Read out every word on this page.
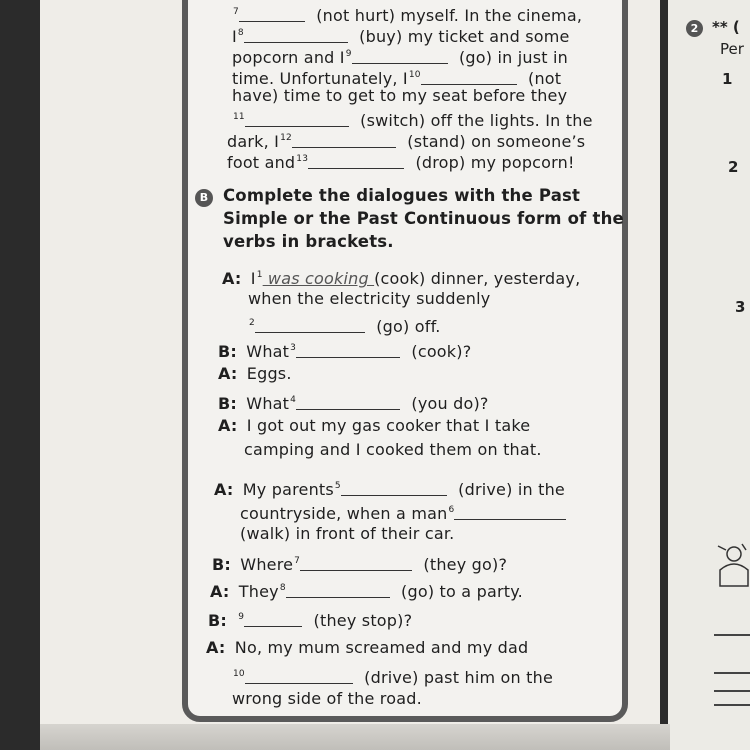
$^7$	(not hurt) myself. In the cinema,
$I^8$	(buy) my ticket and some
popcorn and $I^9$	(go) in just in
time. Unfortunately, $I^{10}$	(not
have) time to get to my seat before they
$^{11}$	(switch) off the lights. In the
dark, $I^{12}$	(stand) on someone’s
foot and$^{13}$	(drop) my popcorn!
B Complete the dialogues with the Past
Simple or the Past Continuous form of the
verbs in brackets.
A: $I^1$ was cooking (cook) dinner, yesterday,
when the electricity suddenly
$^2$	(go) off.
B: What$^3$	(cook)?
A: Eggs.
B: What$^4$	(you do)?
A: I got out my gas cooker that I take
camping and I cooked them on that.
A: My parents$^5$	(drive) in the
countryside, when a man$^6$
(walk) in front of their car.
B: Where$^7$	(they go)?
A: They$^8$	(go) to a party.
B: $^9$	(they stop)?
A: No, my mum screamed and my dad
$^{10}$	(drive) past him on the
wrong side of the road.
2 ** (
Per
1
2
3
